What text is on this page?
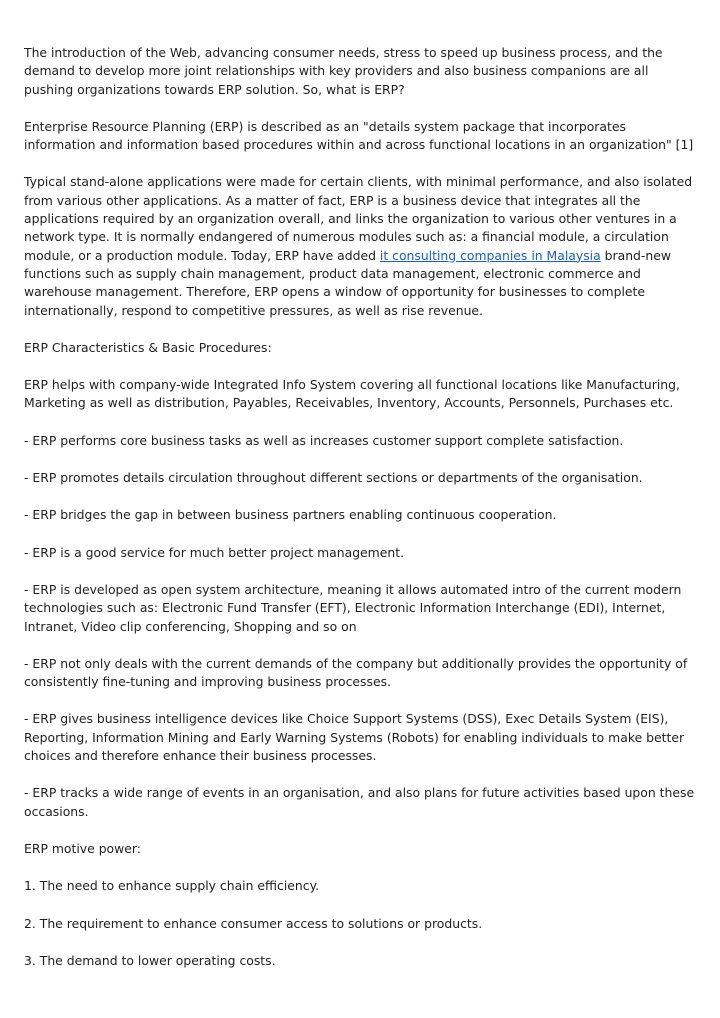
The introduction of the Web, advancing consumer needs, stress to speed up business process, and the demand to develop more joint relationships with key providers and also business companions are all pushing organizations towards ERP solution. So, what is ERP?

Enterprise Resource Planning (ERP) is described as an "details system package that incorporates information and information based procedures within and across functional locations in an organization" [1]

Typical stand-alone applications were made for certain clients, with minimal performance, and also isolated from various other applications. As a matter of fact, ERP is a business device that integrates all the applications required by an organization overall, and links the organization to various other ventures in a network type. It is normally endangered of numerous modules such as: a financial module, a circulation module, or a production module. Today, ERP have added it consulting companies in Malaysia brand-new functions such as supply chain management, product data management, electronic commerce and warehouse management. Therefore, ERP opens a window of opportunity for businesses to complete internationally, respond to competitive pressures, as well as rise revenue.

ERP Characteristics & Basic Procedures:

ERP helps with company-wide Integrated Info System covering all functional locations like Manufacturing, Marketing as well as distribution, Payables, Receivables, Inventory, Accounts, Personnels, Purchases etc.

- ERP performs core business tasks as well as increases customer support complete satisfaction.

- ERP promotes details circulation throughout different sections or departments of the organisation.

- ERP bridges the gap in between business partners enabling continuous cooperation.

- ERP is a good service for much better project management.

- ERP is developed as open system architecture, meaning it allows automated intro of the current modern technologies such as: Electronic Fund Transfer (EFT), Electronic Information Interchange (EDI), Internet, Intranet, Video clip conferencing, Shopping and so on

- ERP not only deals with the current demands of the company but additionally provides the opportunity of consistently fine-tuning and improving business processes.

- ERP gives business intelligence devices like Choice Support Systems (DSS), Exec Details System (EIS), Reporting, Information Mining and Early Warning Systems (Robots) for enabling individuals to make better choices and therefore enhance their business processes.

- ERP tracks a wide range of events in an organisation, and also plans for future activities based upon these occasions.

ERP motive power:

1. The need to enhance supply chain efficiency.

2. The requirement to enhance consumer access to solutions or products.

3. The demand to lower operating costs.
